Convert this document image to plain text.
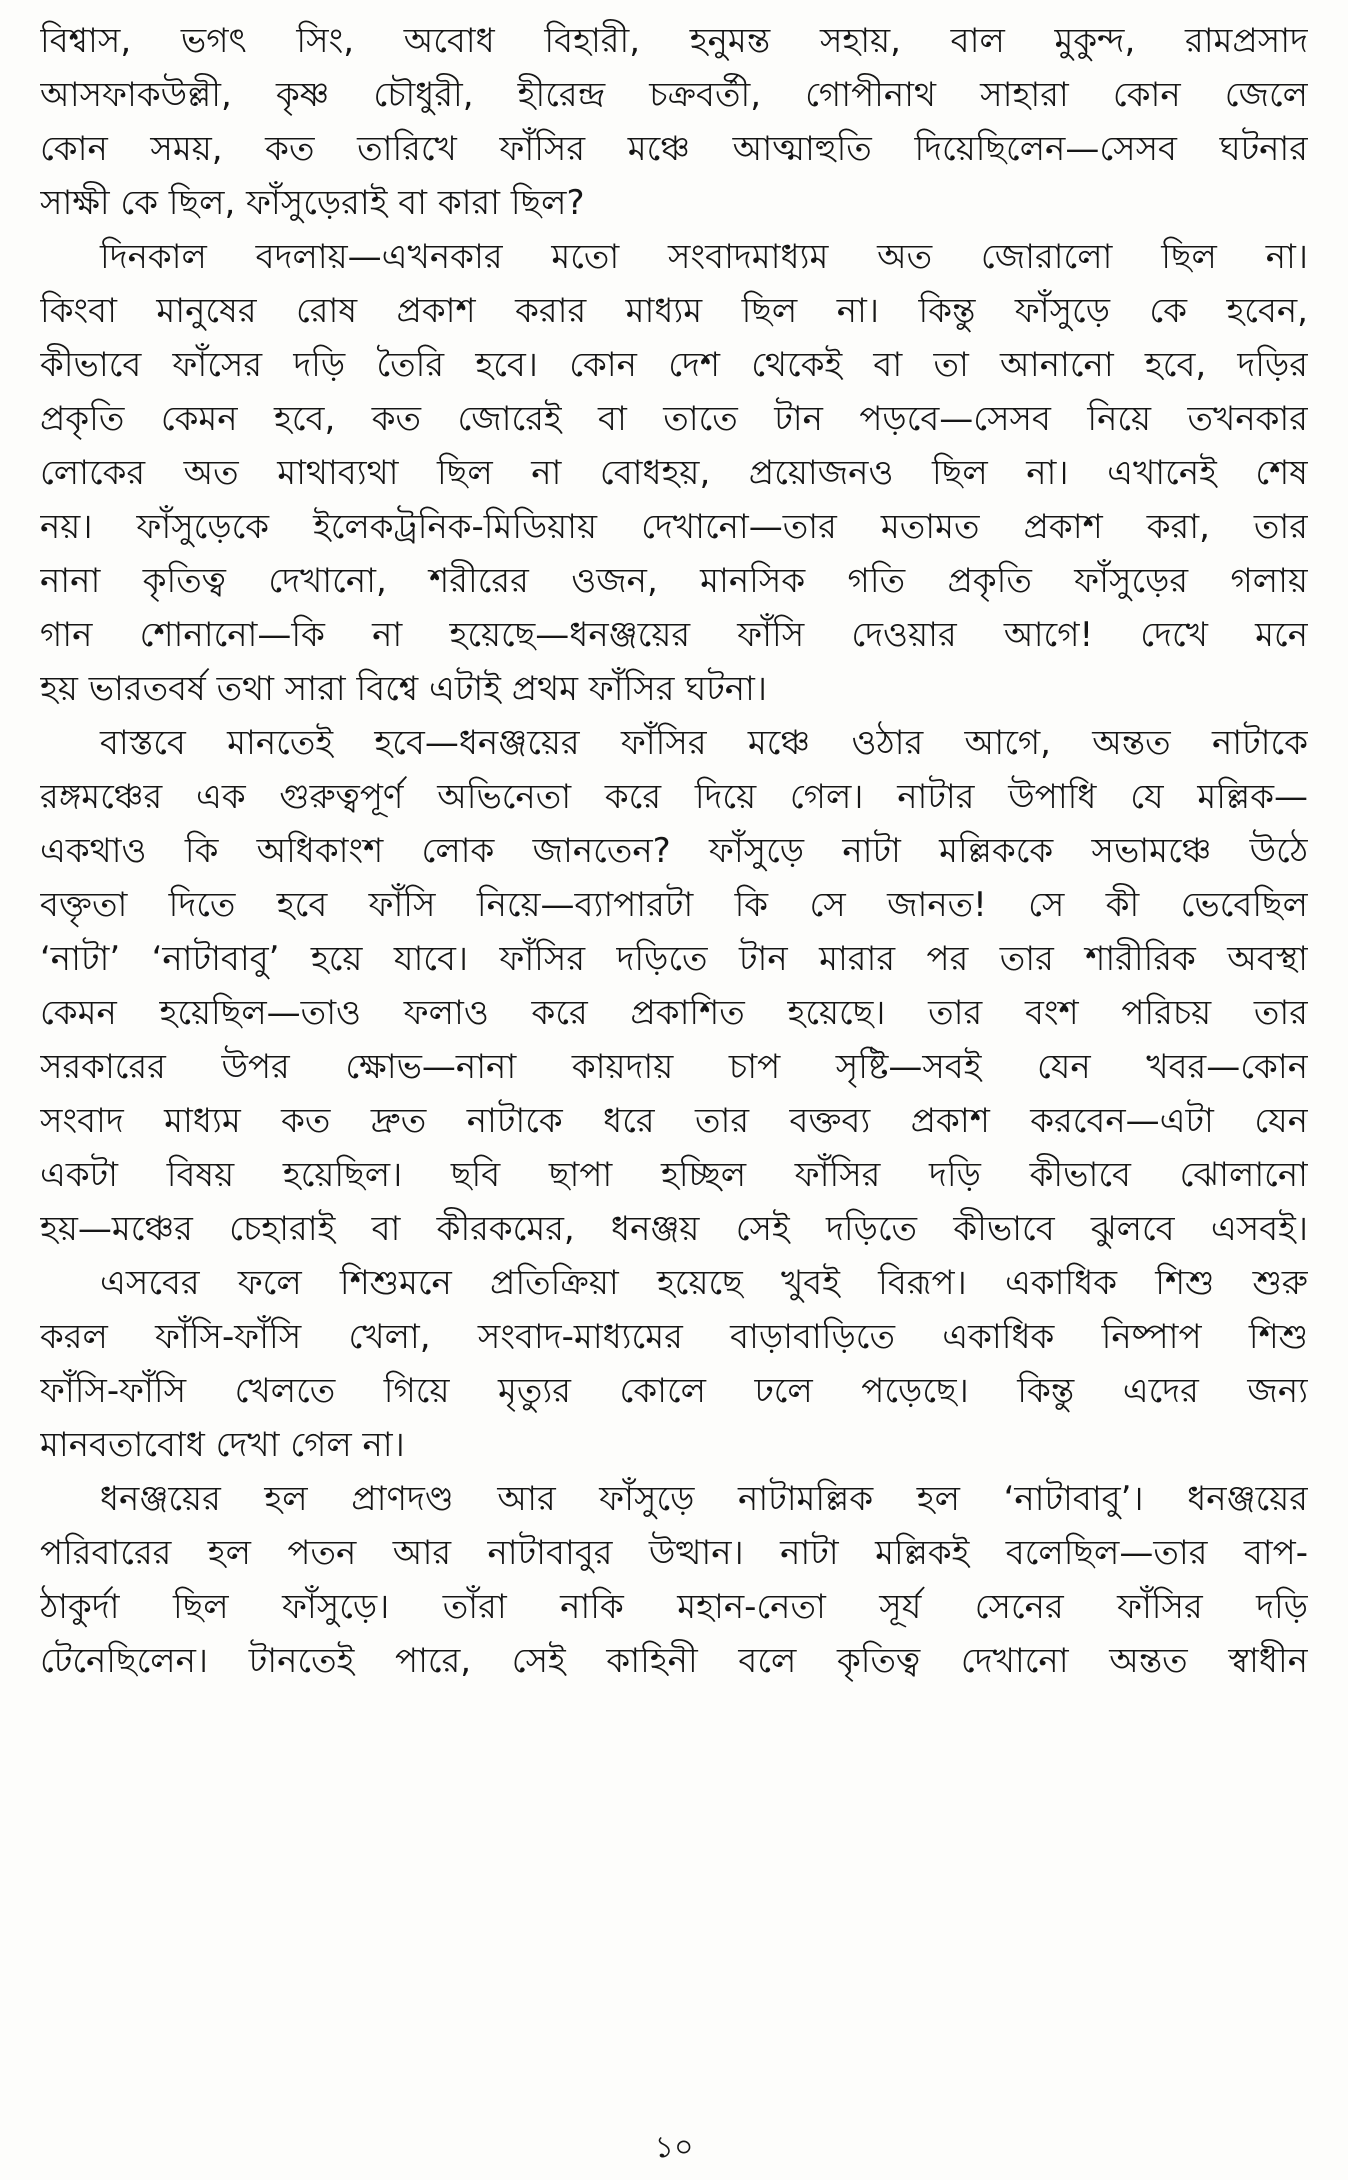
বিশ্বাস, ভগৎ সিং, অবোধ বিহারী, হনুমন্ত সহায়, বাল মুকুন্দ, রামপ্রসাদ
আসফাকউল্লী, কৃষ্ণ চৌধুরী, হীরেন্দ্র চক্রবর্তী, গোপীনাথ সাহারা কোন জেলে
কোন সময়, কত তারিখে ফাঁসির মঞ্চে আত্মাহুতি দিয়েছিলেন—সেসব ঘটনার
সাক্ষী কে ছিল, ফাঁসুড়েরাই বা কারা ছিল?
দিনকাল বদলায়—এখনকার মতো সংবাদমাধ্যম অত জোরালো ছিল না।
কিংবা মানুষের রোষ প্রকাশ করার মাধ্যম ছিল না। কিন্তু ফাঁসুড়ে কে হবেন,
কীভাবে ফাঁসের দড়ি তৈরি হবে। কোন দেশ থেকেই বা তা আনানো হবে, দড়ির
প্রকৃতি কেমন হবে, কত জোরেই বা তাতে টান পড়বে—সেসব নিয়ে তখনকার
লোকের অত মাথাব্যথা ছিল না বোধহয়, প্রয়োজনও ছিল না। এখানেই শেষ
নয়। ফাঁসুড়েকে ইলেকট্রনিক-মিডিয়ায় দেখানো—তার মতামত প্রকাশ করা, তার
নানা কৃতিত্ব দেখানো, শরীরের ওজন, মানসিক গতি প্রকৃতি ফাঁসুড়ের গলায়
গান শোনানো—কি না হয়েছে—ধনঞ্জয়ের ফাঁসি দেওয়ার আগে! দেখে মনে
হয় ভারতবর্ষ তথা সারা বিশ্বে এটাই প্রথম ফাঁসির ঘটনা।
বাস্তবে মানতেই হবে—ধনঞ্জয়ের ফাঁসির মঞ্চে ওঠার আগে, অন্তত নাটাকে
রঙ্গমঞ্চের এক গুরুত্বপূর্ণ অভিনেতা করে দিয়ে গেল। নাটার উপাধি যে মল্লিক—
একথাও কি অধিকাংশ লোক জানতেন? ফাঁসুড়ে নাটা মল্লিককে সভামঞ্চে উঠে
বক্তৃতা দিতে হবে ফাঁসি নিয়ে—ব্যাপারটা কি সে জানত! সে কী ভেবেছিল
‘নাটা’ ‘নাটাবাবু’ হয়ে যাবে। ফাঁসির দড়িতে টান মারার পর তার শারীরিক অবস্থা
কেমন হয়েছিল—তাও ফলাও করে প্রকাশিত হয়েছে। তার বংশ পরিচয় তার
সরকারের উপর ক্ষোভ—নানা কায়দায় চাপ সৃষ্টি—সবই যেন খবর—কোন
সংবাদ মাধ্যম কত দ্রুত নাটাকে ধরে তার বক্তব্য প্রকাশ করবেন—এটা যেন
একটা বিষয় হয়েছিল। ছবি ছাপা হচ্ছিল ফাঁসির দড়ি কীভাবে ঝোলানো
হয়—মঞ্চের চেহারাই বা কীরকমের, ধনঞ্জয় সেই দড়িতে কীভাবে ঝুলবে এসবই।
এসবের ফলে শিশুমনে প্রতিক্রিয়া হয়েছে খুবই বিরূপ। একাধিক শিশু শুরু
করল ফাঁসি-ফাঁসি খেলা, সংবাদ-মাধ্যমের বাড়াবাড়িতে একাধিক নিষ্পাপ শিশু
ফাঁসি-ফাঁসি খেলতে গিয়ে মৃত্যুর কোলে ঢলে পড়েছে। কিন্তু এদের জন্য
মানবতাবোধ দেখা গেল না।
ধনঞ্জয়ের হল প্রাণদণ্ড আর ফাঁসুড়ে নাটামল্লিক হল ‘নাটাবাবু’। ধনঞ্জয়ের
পরিবারের হল পতন আর নাটাবাবুর উত্থান। নাটা মল্লিকই বলেছিল—তার বাপ-
ঠাকুর্দা ছিল ফাঁসুড়ে। তাঁরা নাকি মহান-নেতা সূর্য সেনের ফাঁসির দড়ি
টেনেছিলেন। টানতেই পারে, সেই কাহিনী বলে কৃতিত্ব দেখানো অন্তত স্বাধীন
১০
